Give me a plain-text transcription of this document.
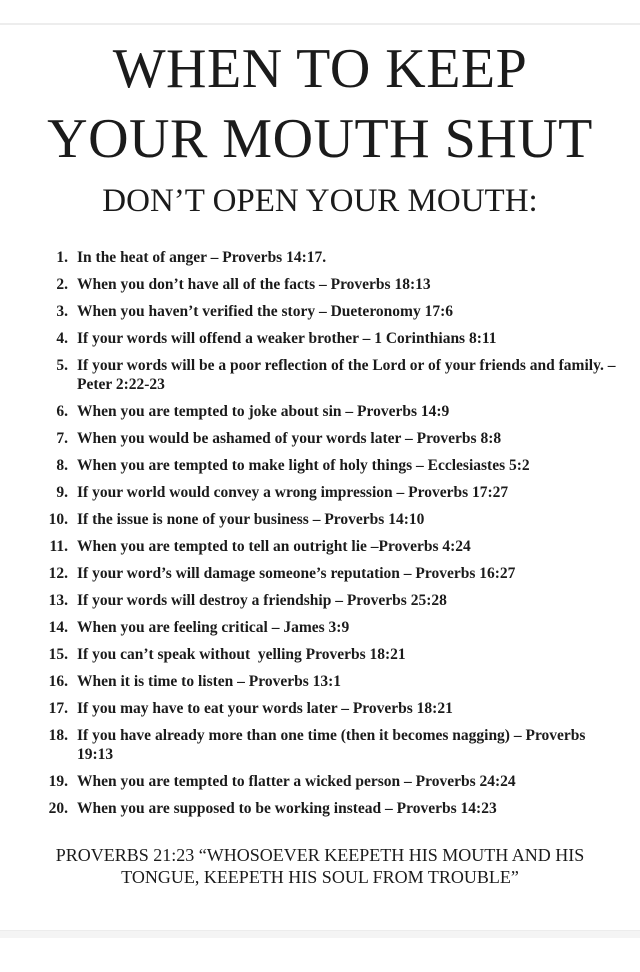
WHEN TO KEEP
YOUR MOUTH SHUT
DON’T OPEN YOUR MOUTH:
1. In the heat of anger – Proverbs 14:17.
2. When you don’t have all of the facts – Proverbs 18:13
3. When you haven’t verified the story – Dueteronomy 17:6
4. If your words will offend a weaker brother – 1 Corinthians 8:11
5. If your words will be a poor reflection of the Lord or of your friends and family. – Peter 2:22-23
6. When you are tempted to joke about sin – Proverbs 14:9
7. When you would be ashamed of your words later – Proverbs 8:8
8. When you are tempted to make light of holy things – Ecclesiastes 5:2
9. If your world would convey a wrong impression – Proverbs 17:27
10. If the issue is none of your business – Proverbs 14:10
11. When you are tempted to tell an outright lie –Proverbs 4:24
12. If your word’s will damage someone’s reputation – Proverbs 16:27
13. If your words will destroy a friendship – Proverbs 25:28
14. When you are feeling critical – James 3:9
15. If you can’t speak without  yelling Proverbs 18:21
16. When it is time to listen – Proverbs 13:1
17. If you may have to eat your words later – Proverbs 18:21
18. If you have already more than one time (then it becomes nagging) – Proverbs 19:13
19. When you are tempted to flatter a wicked person – Proverbs 24:24
20. When you are supposed to be working instead – Proverbs 14:23

PROVERBS 21:23 “WHOSOEVER KEEPETH HIS MOUTH AND HIS
TONGUE, KEEPETH HIS SOUL FROM TROUBLE”
